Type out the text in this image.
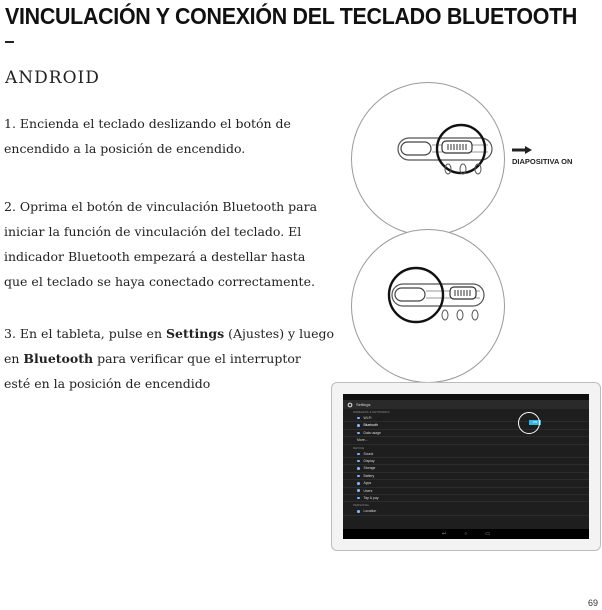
VINCULACIÓN Y CONEXIÓN DEL TECLADO BLUETOOTH
ANDROID
1. Encienda el teclado deslizando el botón de
encendido a la posición de encendido.
2. Oprima el botón de vinculación Bluetooth para
iniciar la función de vinculación del teclado. El
indicador Bluetooth empezará a destellar hasta
que el teclado se haya conectado correctamente.
3. En el tableta, pulse en Settings (Ajustes) y luego
en Bluetooth para verificar que el interruptor
esté en la posición de encendido
DIAPOSITIVA ON
Settings
WIRELESS & NETWORKS
Wi-Fi
Bluetooth
Data usage
More...
DEVICE
Sound
Display
Storage
Battery
Apps
Users
Tap & pay
PERSONAL
Location
ON
↩	○	▭
69
